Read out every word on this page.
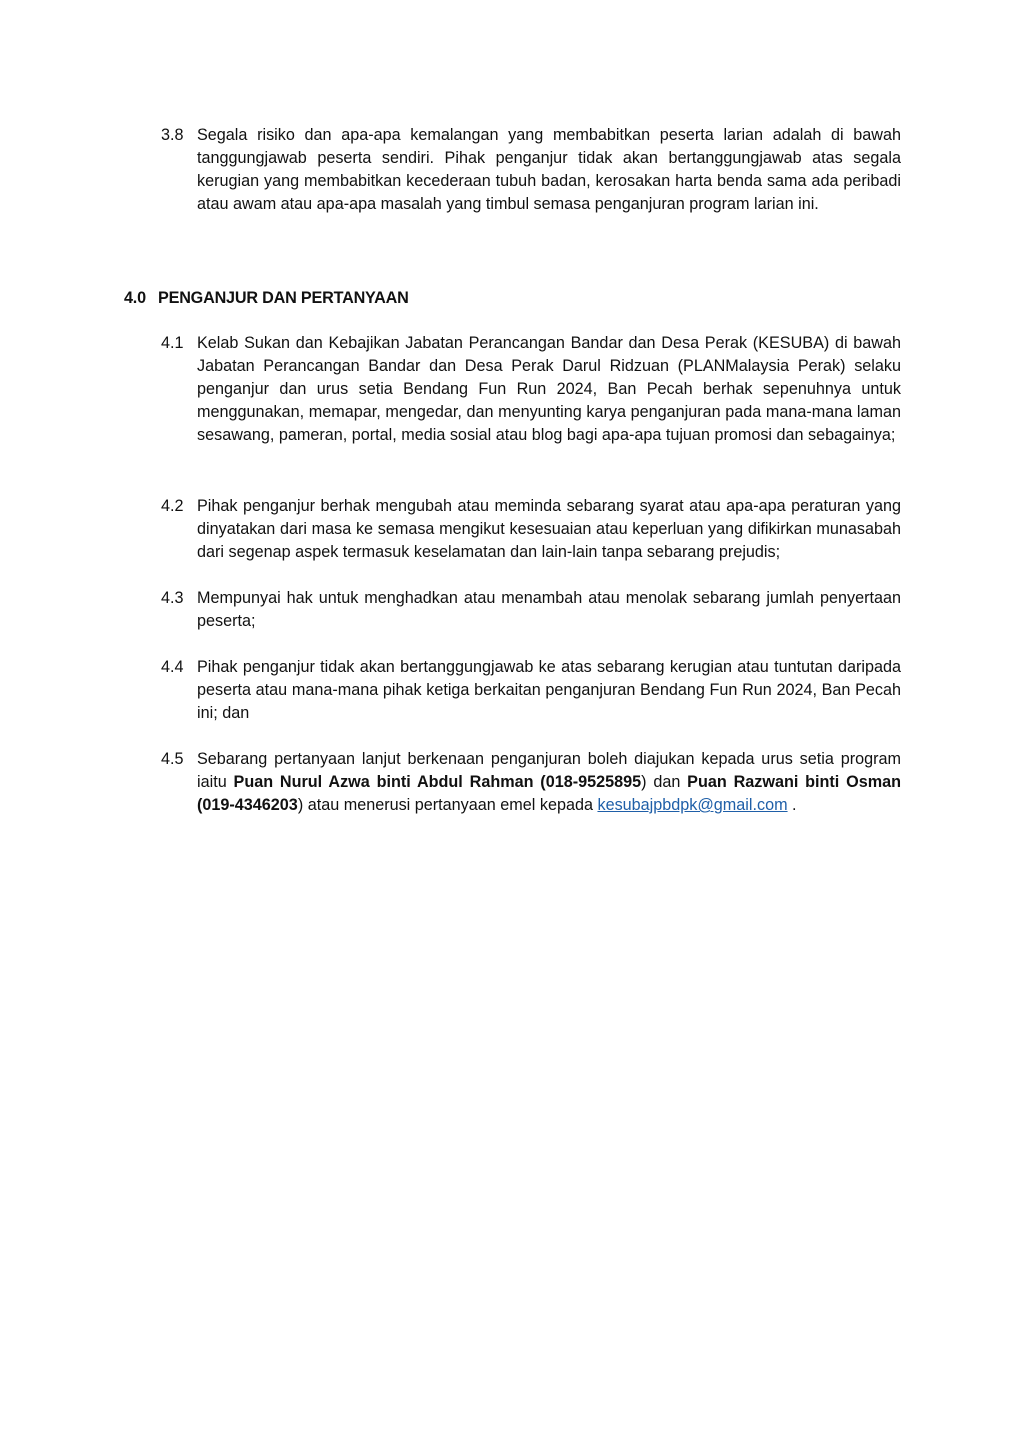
3.8 Segala risiko dan apa-apa kemalangan yang membabitkan peserta larian adalah di bawah tanggungjawab peserta sendiri. Pihak penganjur tidak akan bertanggungjawab atas segala kerugian yang membabitkan kecederaan tubuh badan, kerosakan harta benda sama ada peribadi atau awam atau apa-apa masalah yang timbul semasa penganjuran program larian ini.
4.0 PENGANJUR DAN PERTANYAAN
4.1 Kelab Sukan dan Kebajikan Jabatan Perancangan Bandar dan Desa Perak (KESUBA) di bawah Jabatan Perancangan Bandar dan Desa Perak Darul Ridzuan (PLANMalaysia Perak) selaku penganjur dan urus setia Bendang Fun Run 2024, Ban Pecah berhak sepenuhnya untuk menggunakan, memapar, mengedar, dan menyunting karya penganjuran pada mana-mana laman sesawang, pameran, portal, media sosial atau blog bagi apa-apa tujuan promosi dan sebagainya;
4.2 Pihak penganjur berhak mengubah atau meminda sebarang syarat atau apa-apa peraturan yang dinyatakan dari masa ke semasa mengikut kesesuaian atau keperluan yang difikirkan munasabah dari segenap aspek termasuk keselamatan dan lain-lain tanpa sebarang prejudis;
4.3 Mempunyai hak untuk menghadkan atau menambah atau menolak sebarang jumlah penyertaan peserta;
4.4 Pihak penganjur tidak akan bertanggungjawab ke atas sebarang kerugian atau tuntutan daripada peserta atau mana-mana pihak ketiga berkaitan penganjuran Bendang Fun Run 2024, Ban Pecah ini; dan
4.5 Sebarang pertanyaan lanjut berkenaan penganjuran boleh diajukan kepada urus setia program iaitu Puan Nurul Azwa binti Abdul Rahman (018-9525895) dan Puan Razwani binti Osman (019-4346203) atau menerusi pertanyaan emel kepada kesubajpbdpk@gmail.com .
